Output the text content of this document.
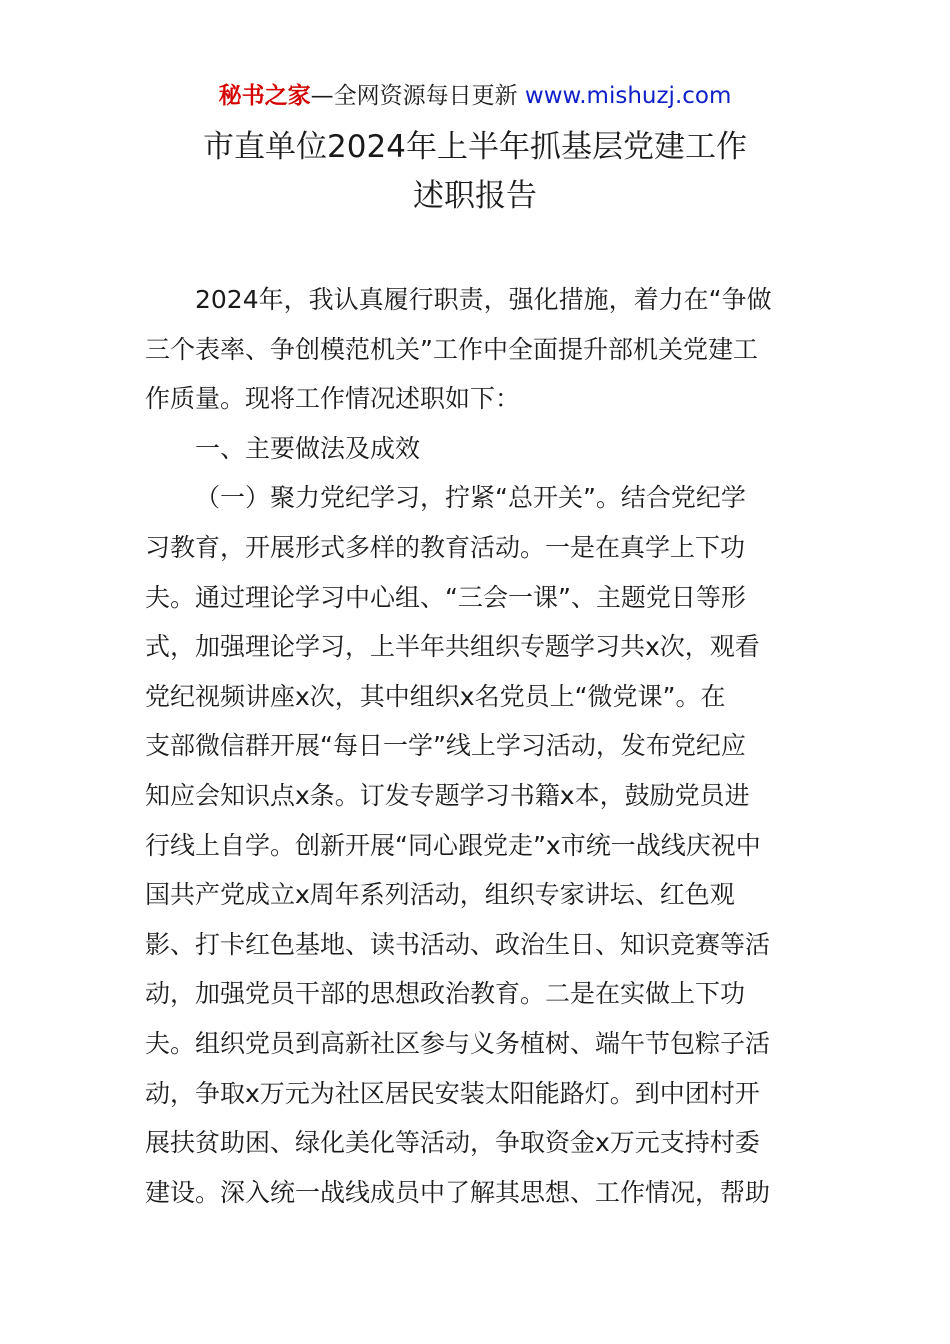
秘书之家—全网资源每日更新 www.mishuzj.com
市直单位2024年上半年抓基层党建工作
述职报告
2024年，我认真履行职责，强化措施，着力在“争做
三个表率、争创模范机关”工作中全面提升部机关党建工
作质量。现将工作情况述职如下：
一、主要做法及成效
（一）聚力党纪学习，拧紧“总开关”。结合党纪学
习教育，开展形式多样的教育活动。一是在真学上下功
夫。通过理论学习中心组、“三会一课”、主题党日等形
式，加强理论学习，上半年共组织专题学习共x次，观看
党纪视频讲座x次，其中组织x名党员上“微党课”。在
支部微信群开展“每日一学”线上学习活动，发布党纪应
知应会知识点x条。订发专题学习书籍x本，鼓励党员进
行线上自学。创新开展“同心跟党走”x市统一战线庆祝中
国共产党成立x周年系列活动，组织专家讲坛、红色观
影、打卡红色基地、读书活动、政治生日、知识竞赛等活
动，加强党员干部的思想政治教育。二是在实做上下功
夫。组织党员到高新社区参与义务植树、端午节包粽子活
动，争取x万元为社区居民安装太阳能路灯。到中团村开
展扶贫助困、绿化美化等活动，争取资金x万元支持村委
建设。深入统一战线成员中了解其思想、工作情况，帮助
